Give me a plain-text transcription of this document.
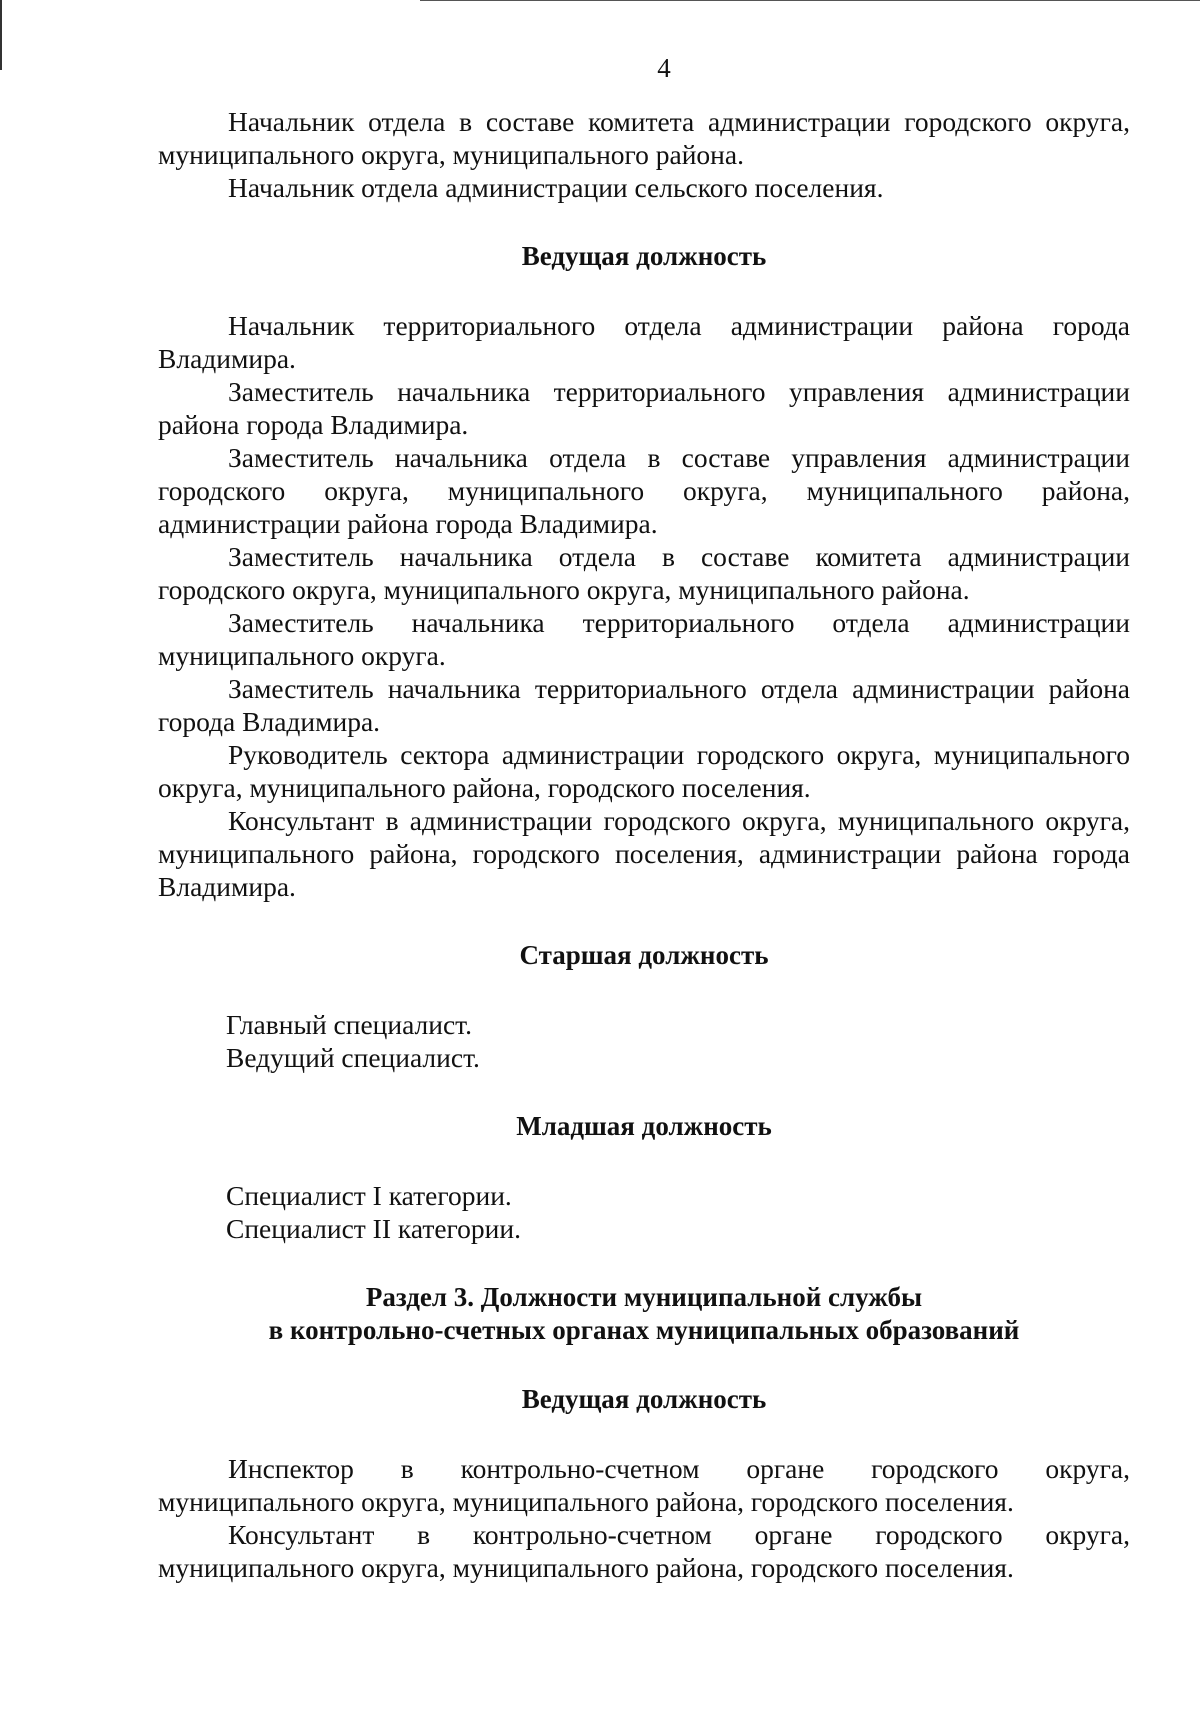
4

Начальник отдела в составе комитета администрации городского округа, муниципального округа, муниципального района.

Начальник отдела администрации сельского поселения.

Ведущая должность

Начальник территориального отдела администрации района города Владимира.

Заместитель начальника территориального управления администрации района города Владимира.

Заместитель начальника отдела в составе управления администрации городского округа, муниципального округа, муниципального района, администрации района города Владимира.

Заместитель начальника отдела в составе комитета администрации городского округа, муниципального округа, муниципального района.

Заместитель начальника территориального отдела администрации муниципального округа.

Заместитель начальника территориального отдела администрации района города Владимира.

Руководитель сектора администрации городского округа, муниципального округа, муниципального района, городского поселения.

Консультант в администрации городского округа, муниципального округа, муниципального района, городского поселения, администрации района города Владимира.

Старшая должность
Главный специалист.
Ведущий специалист.
Младшая должность
Специалист I категории.
Специалист II категории.
Раздел 3. Должности муниципальной службы
в контрольно-счетных органах муниципальных образований
Ведущая должность

Инспектор в контрольно-счетном органе городского округа, муниципального округа, муниципального района, городского поселения.

Консультант в контрольно-счетном органе городского округа, муниципального округа, муниципального района, городского поселения.
